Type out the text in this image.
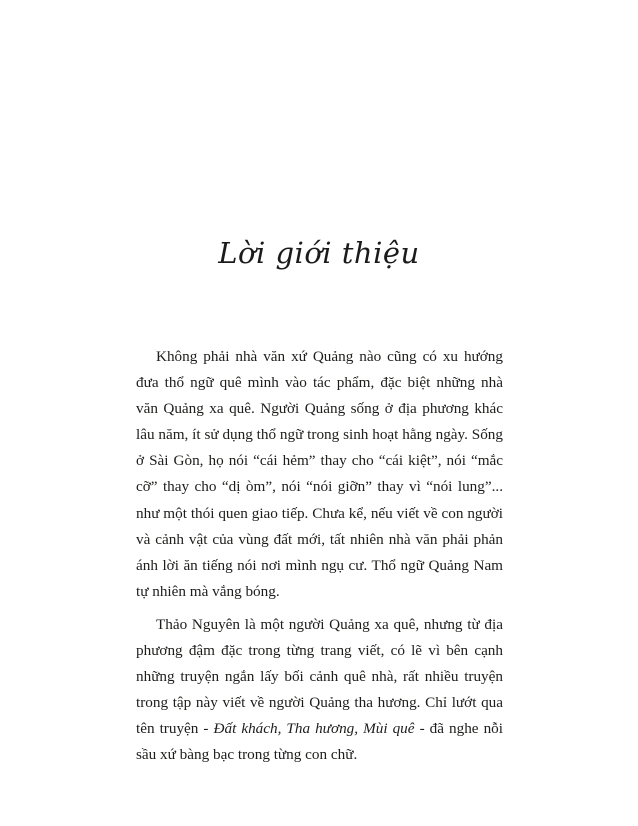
Lời giới thiệu

Không phải nhà văn xứ Quảng nào cũng có xu hướng đưa thổ ngữ quê mình vào tác phẩm, đặc biệt những nhà văn Quảng xa quê. Người Quảng sống ở địa phương khác lâu năm, ít sử dụng thổ ngữ trong sinh hoạt hằng ngày. Sống ở Sài Gòn, họ nói “cái hẻm” thay cho “cái kiệt”, nói “mắc cỡ” thay cho “dị òm”, nói “nói giỡn” thay vì “nói lung”... như một thói quen giao tiếp. Chưa kể, nếu viết về con người và cảnh vật của vùng đất mới, tất nhiên nhà văn phải phản ánh lời ăn tiếng nói nơi mình ngụ cư. Thổ ngữ Quảng Nam tự nhiên mà vắng bóng.

Thảo Nguyên là một người Quảng xa quê, nhưng từ địa phương đậm đặc trong từng trang viết, có lẽ vì bên cạnh những truyện ngắn lấy bối cảnh quê nhà, rất nhiều truyện trong tập này viết về người Quảng tha hương. Chỉ lướt qua tên truyện - Đất khách, Tha hương, Mùi quê - đã nghe nỗi sầu xứ bàng bạc trong từng con chữ.
